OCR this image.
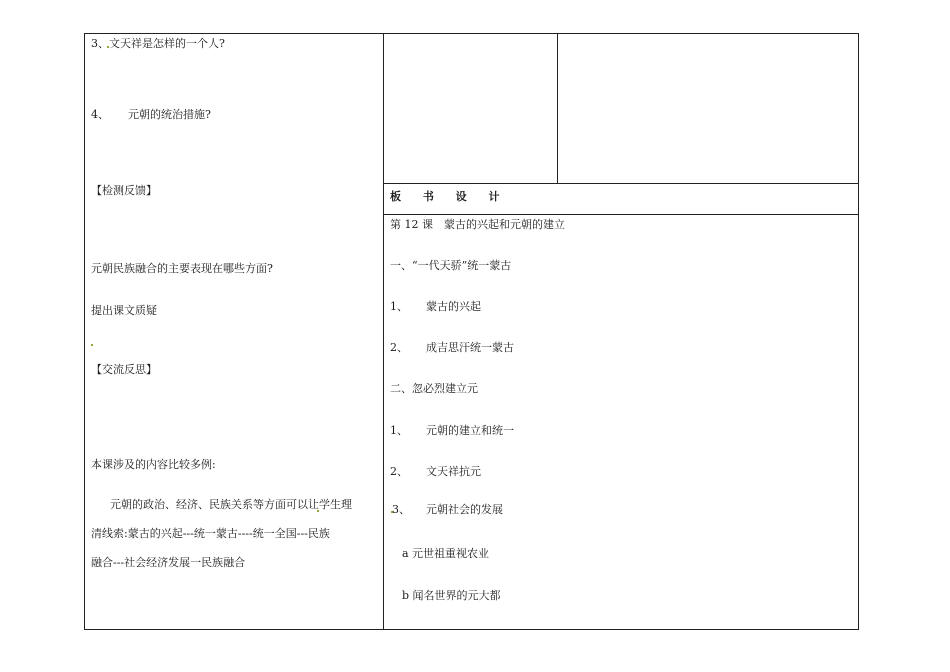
3、文天祥是怎样的一个人?
4、 元朝的统治措施?
【检测反馈】
元朝民族融合的主要表现在哪些方面?
提出课文质疑
【交流反思】
本课涉及的内容比较多例:
元朝的政治、经济、民族关系等方面可以让学生理
清线索:蒙古的兴起---统一蒙古----统一全国---民族
融合---社会经济发展一民族融合
板 书 设 计
第 12 课　蒙古的兴起和元朝的建立
一、“一代天骄”统一蒙古
1、 蒙古的兴起
2、 成吉思汗统一蒙古
二、忽必烈建立元
1、 元朝的建立和统一
2、 文天祥抗元
3、 元朝社会的发展
a 元世祖重视农业
b 闻名世界的元大都
